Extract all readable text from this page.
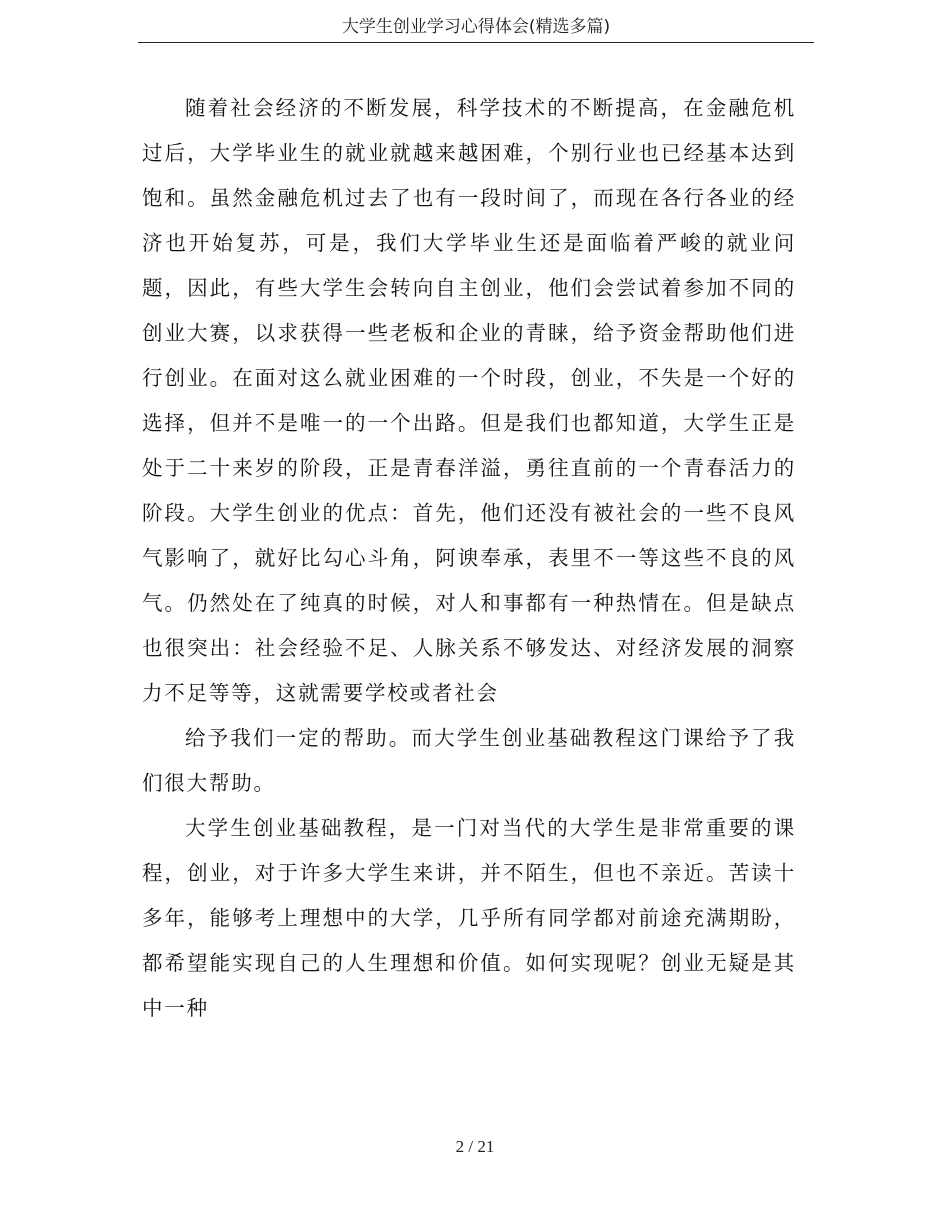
大学生创业学习心得体会(精选多篇)

随着社会经济的不断发展，科学技术的不断提高，在金融危机过后，大学毕业生的就业就越来越困难，个别行业也已经基本达到饱和。虽然金融危机过去了也有一段时间了，而现在各行各业的经济也开始复苏，可是，我们大学毕业生还是面临着严峻的就业问题，因此，有些大学生会转向自主创业，他们会尝试着参加不同的创业大赛，以求获得一些老板和企业的青睐，给予资金帮助他们进行创业。在面对这么就业困难的一个时段，创业，不失是一个好的选择，但并不是唯一的一个出路。但是我们也都知道，大学生正是处于二十来岁的阶段，正是青春洋溢，勇往直前的一个青春活力的阶段。大学生创业的优点：首先，他们还没有被社会的一些不良风气影响了，就好比勾心斗角，阿谀奉承，表里不一等这些不良的风气。仍然处在了纯真的时候，对人和事都有一种热情在。但是缺点也很突出：社会经验不足、人脉关系不够发达、对经济发展的洞察力不足等等，这就需要学校或者社会

给予我们一定的帮助。而大学生创业基础教程这门课给予了我们很大帮助。

大学生创业基础教程，是一门对当代的大学生是非常重要的课程，创业，对于许多大学生来讲，并不陌生，但也不亲近。苦读十多年，能够考上理想中的大学，几乎所有同学都对前途充满期盼，都希望能实现自己的人生理想和价值。如何实现呢？创业无疑是其中一种

2 / 21
